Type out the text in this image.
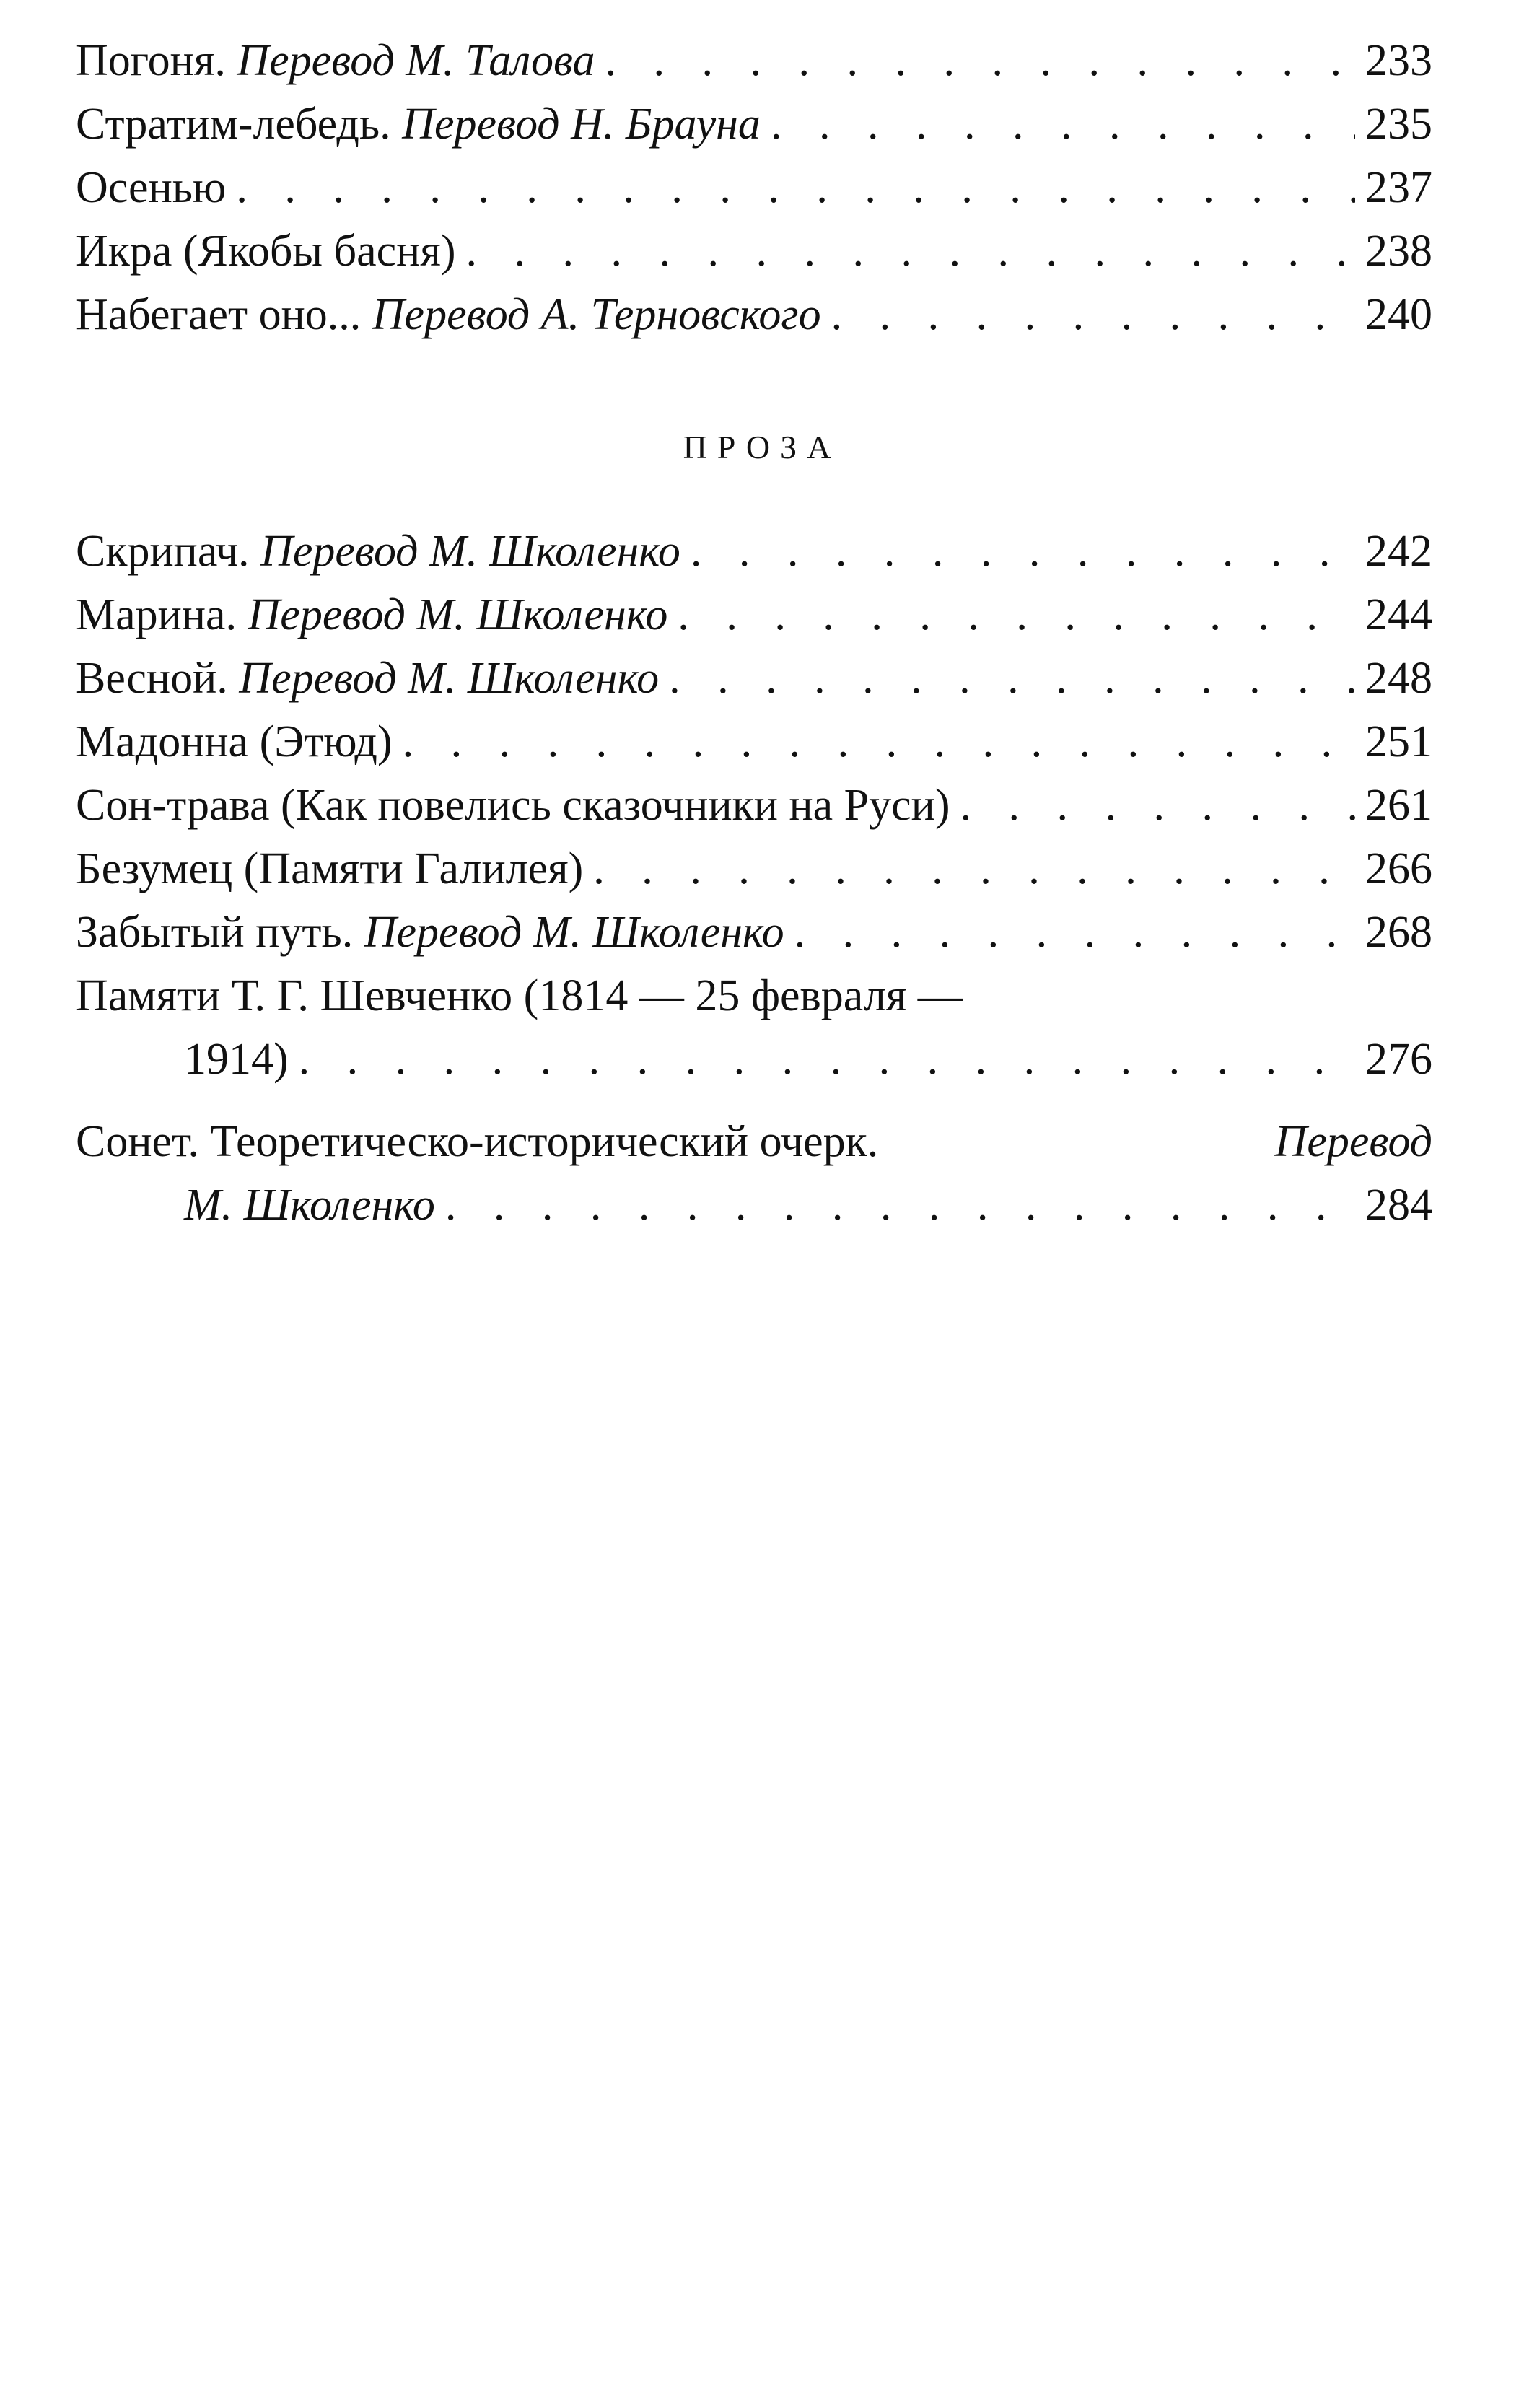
Погоня. Перевод М. Талова . . .	233
Стратим-лебедь. Перевод Н. Брауна . . .	235
Осенью . . .	237
Икра (Якобы басня) . . .	238
Набегает оно... Перевод А. Терновского . . .	240
ПРОЗА
Скрипач. Перевод М. Школенко . . .	242
Марина. Перевод М. Школенко . . .	244
Весной. Перевод М. Школенко . . .	248
Мадонна (Этюд) . . .	251
Сон-трава (Как повелись сказочники на Руси) . . .	261
Безумец (Памяти Галилея) . . .	266
Забытый путь. Перевод М. Школенко . . .	268
Памяти Т. Г. Шевченко (1814 — 25 февраля —
1914) . . .	276
Сонет. Теоретическо-исторический очерк.	Перевод
М. Школенко . . .	284
